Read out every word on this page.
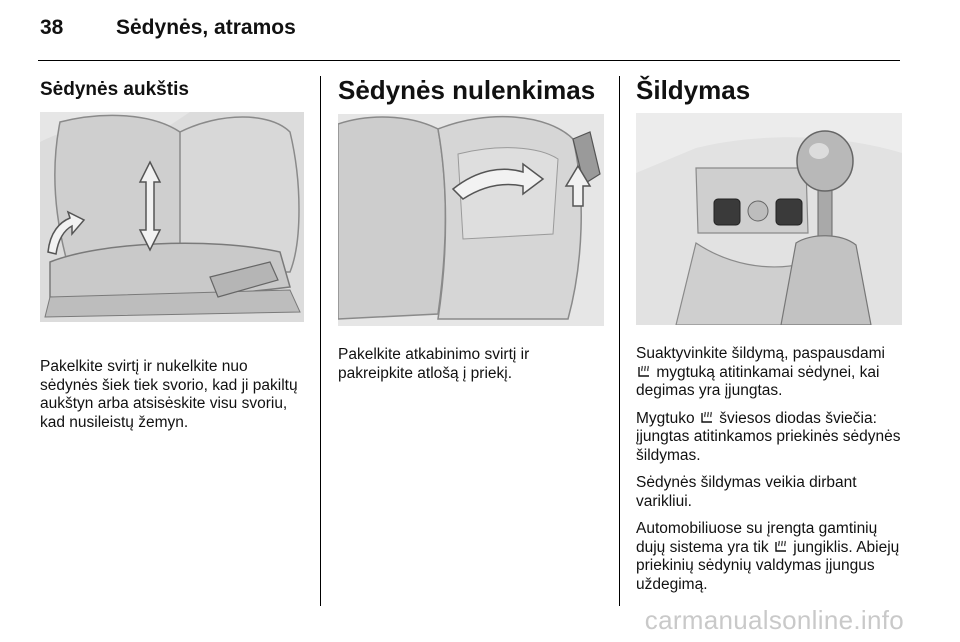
38	Sėdynės, atramos
Sėdynės aukštis

Pakelkite svirtį ir nukelkite nuo sėdynės šiek tiek svorio, kad ji pakiltų aukštyn arba atsisėskite visu svoriu, kad nusileistų žemyn.

Sėdynės nulenkimas

Pakelkite atkabinimo svirtį ir pakreipkite atlošą į priekį.

Šildymas

Suaktyvinkite šildymą, paspausdami
mygtuką atitinkamai sėdynei, kai degimas yra įjungtas.

Mygtuko šviesos diodas šviečia: įjungtas atitinkamos priekinės sėdynės šildymas.

Sėdynės šildymas veikia dirbant varikliui.

Automobiliuose su įrengta gamtinių dujų sistema yra tik jungiklis. Abiejų priekinių sėdynių valdymas įjungus uždegimą.

carmanualsonline.info
